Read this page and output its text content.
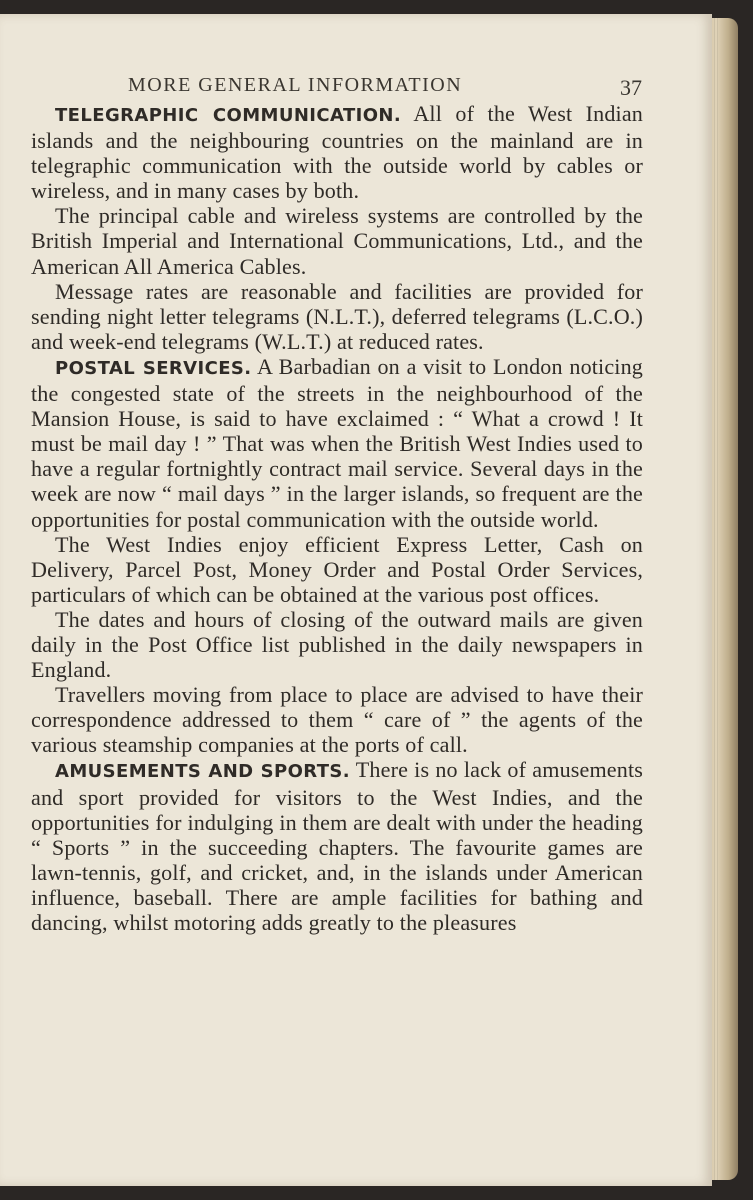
MORE GENERAL INFORMATION	37

TELEGRAPHIC COMMUNICATION. All of the West Indian islands and the neighbouring countries on the mainland are in telegraphic communication with the outside world by cables or wireless, and in many cases by both.

The principal cable and wireless systems are controlled by the British Imperial and International Communications, Ltd., and the American All America Cables.

Message rates are reasonable and facilities are provided for sending night letter telegrams (N.L.T.), deferred telegrams (L.C.O.) and week-end telegrams (W.L.T.) at reduced rates.

POSTAL SERVICES. A Barbadian on a visit to London noticing the congested state of the streets in the neighbourhood of the Mansion House, is said to have exclaimed : “ What a crowd ! It must be mail day ! ” That was when the British West Indies used to have a regular fortnightly contract mail service. Several days in the week are now “ mail days ” in the larger islands, so frequent are the opportunities for postal communication with the outside world.

The West Indies enjoy efficient Express Letter, Cash on Delivery, Parcel Post, Money Order and Postal Order Services, particulars of which can be obtained at the various post offices.

The dates and hours of closing of the outward mails are given daily in the Post Office list published in the daily newspapers in England.

Travellers moving from place to place are advised to have their correspondence addressed to them “ care of ” the agents of the various steamship companies at the ports of call.

AMUSEMENTS AND SPORTS. There is no lack of amusements and sport provided for visitors to the West Indies, and the opportunities for indulging in them are dealt with under the heading “ Sports ” in the succeeding chapters. The favourite games are lawn-tennis, golf, and cricket, and, in the islands under American influence, baseball. There are ample facilities for bathing and dancing, whilst motoring adds greatly to the pleasures
